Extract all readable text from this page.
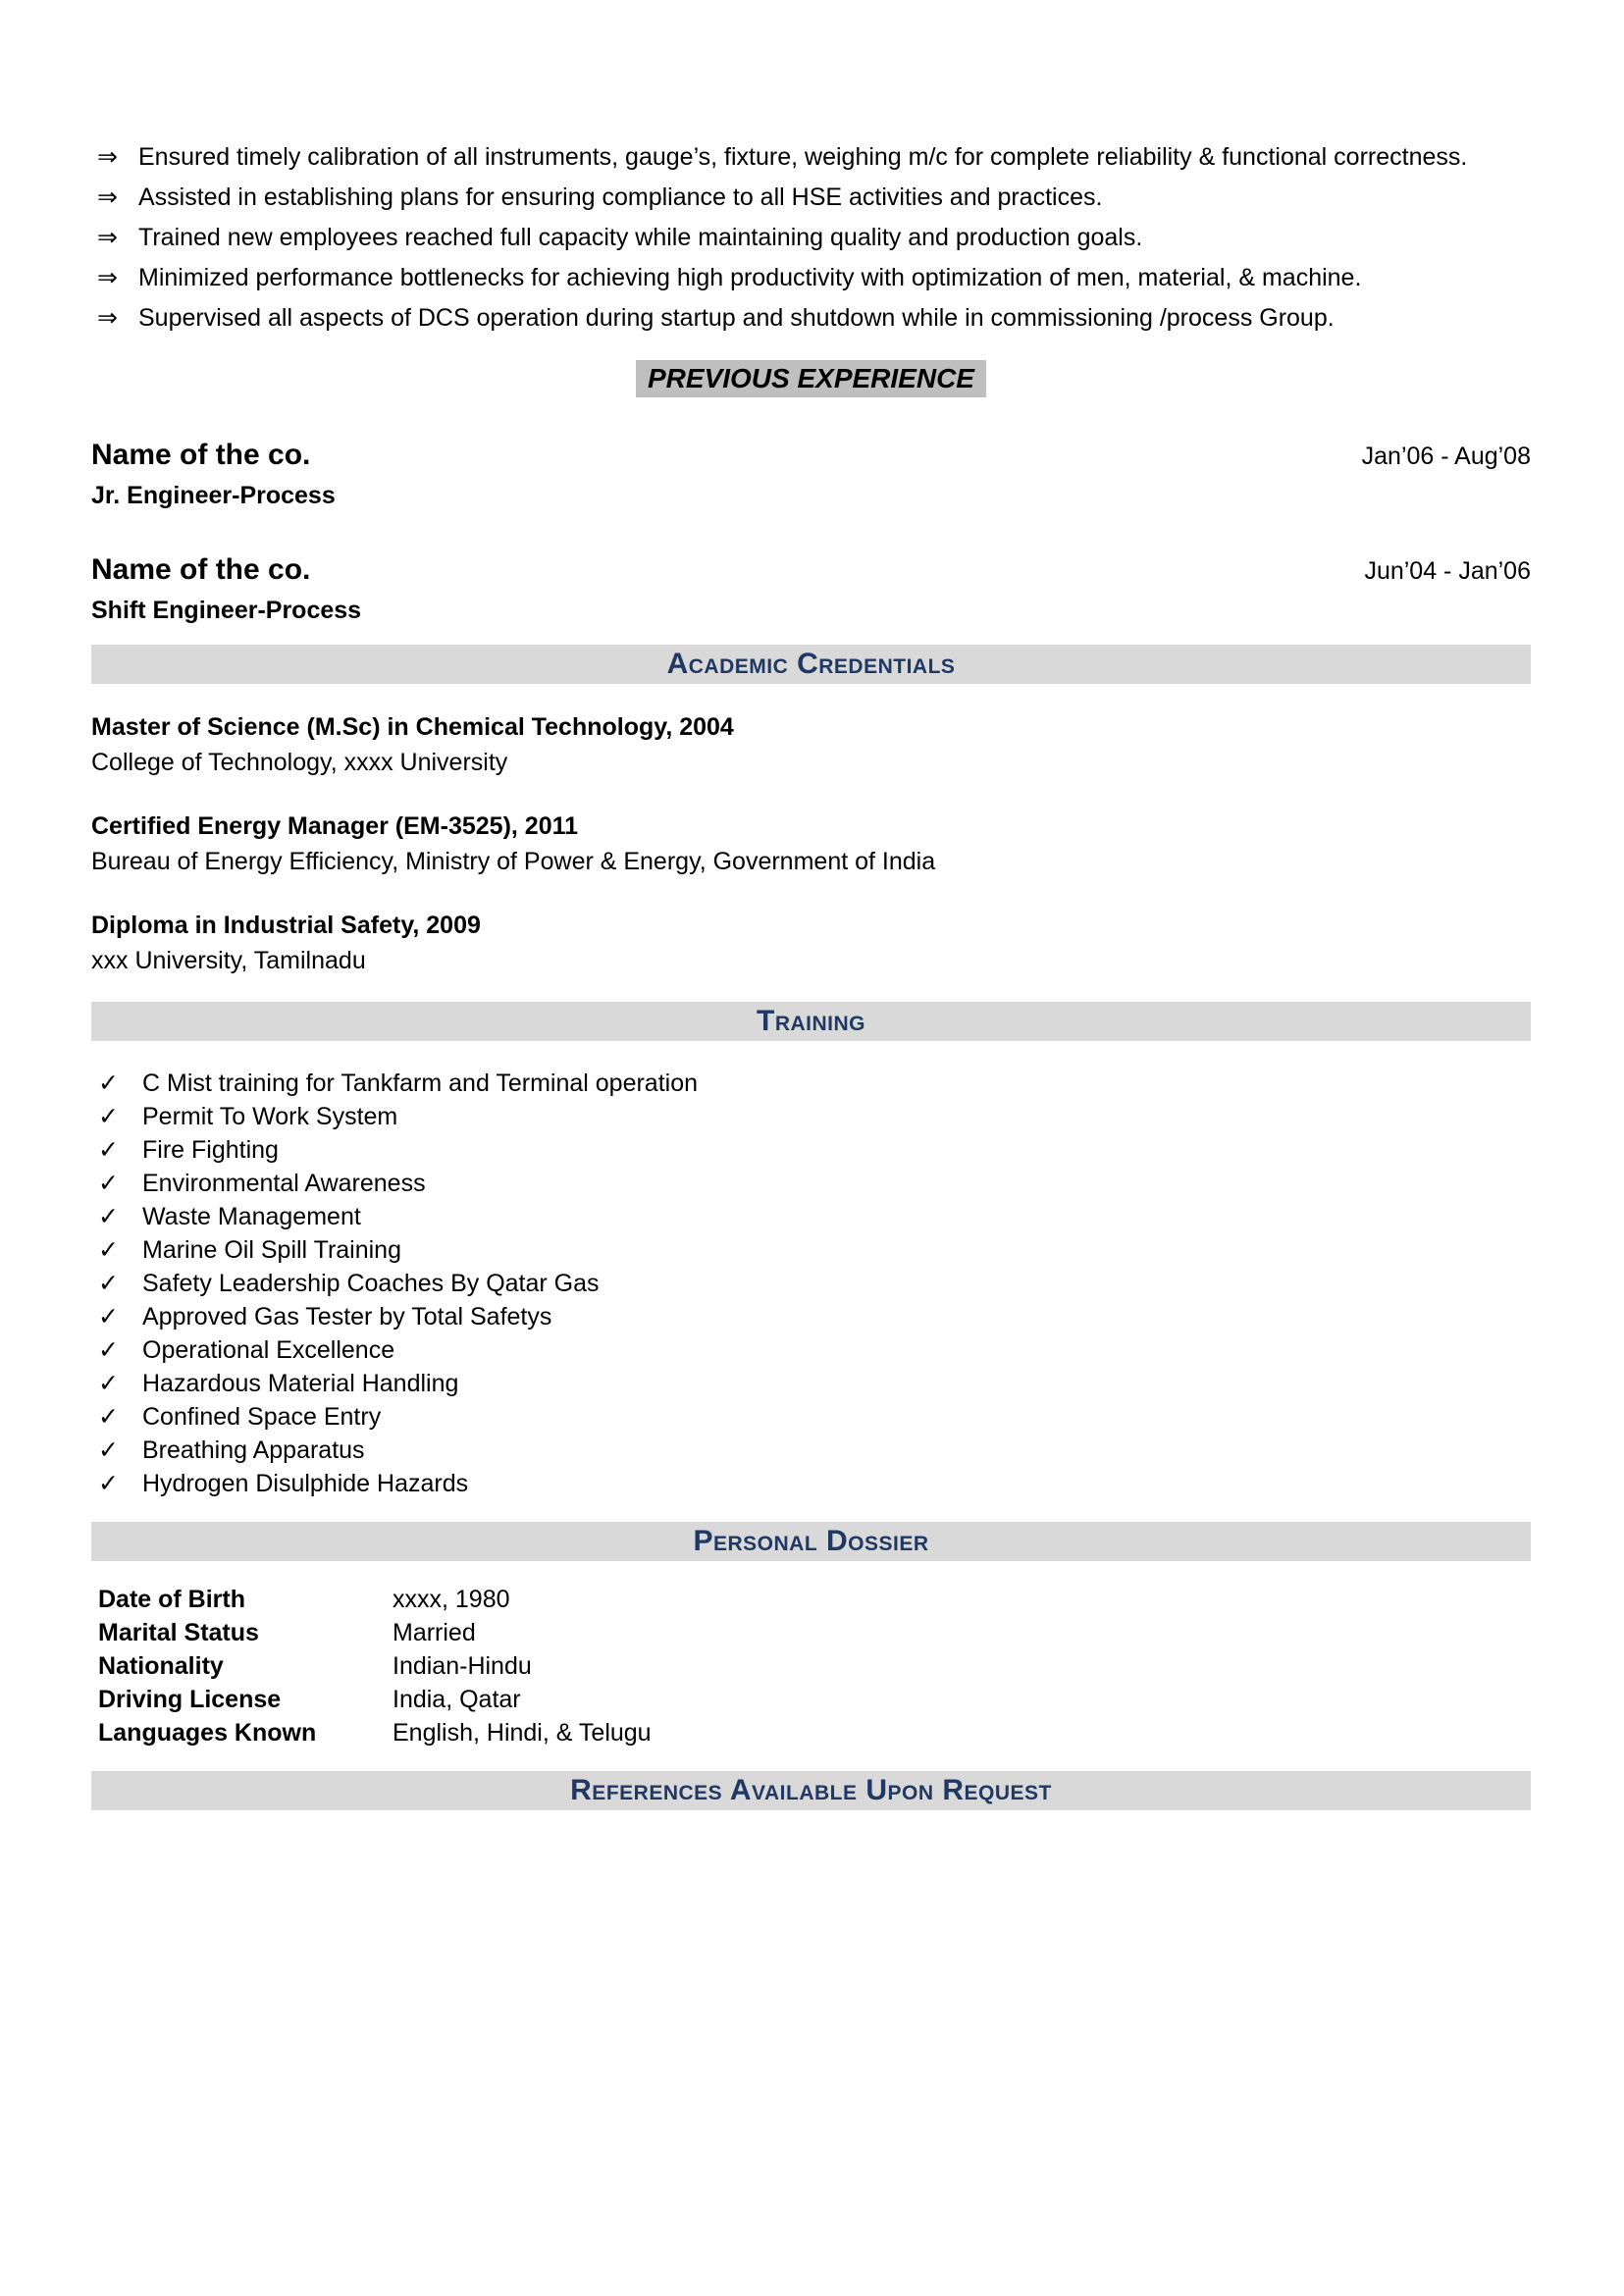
⇒ Ensured timely calibration of all instruments, gauge’s, fixture, weighing m/c for complete reliability & functional correctness.
⇒ Assisted in establishing plans for ensuring compliance to all HSE activities and practices.
⇒ Trained new employees reached full capacity while maintaining quality and production goals.
⇒ Minimized performance bottlenecks for achieving high productivity with optimization of men, material, & machine.
⇒ Supervised all aspects of DCS operation during startup and shutdown while in commissioning /process Group.
PREVIOUS EXPERIENCE
Name of the co.	Jan’06 - Aug’08
Jr. Engineer-Process
Name of the co.	Jun’04 - Jan’06
Shift Engineer-Process
Academic Credentials
Master of Science (M.Sc) in Chemical Technology, 2004
College of Technology, xxxx University
Certified Energy Manager (EM-3525), 2011
Bureau of Energy Efficiency, Ministry of Power & Energy, Government of India
Diploma in Industrial Safety, 2009
xxx University, Tamilnadu
Training
✓ C Mist training for Tankfarm and Terminal operation
✓ Permit To Work System
✓ Fire Fighting
✓ Environmental Awareness
✓ Waste Management
✓ Marine Oil Spill Training
✓ Safety Leadership Coaches By Qatar Gas
✓ Approved Gas Tester by Total Safetys
✓ Operational Excellence
✓ Hazardous Material Handling
✓ Confined Space Entry
✓ Breathing Apparatus
✓ Hydrogen Disulphide Hazards
Personal Dossier
Date of Birth	xxxx, 1980
Marital Status	Married
Nationality	Indian-Hindu
Driving License	India, Qatar
Languages Known	English, Hindi, & Telugu
References Available Upon Request
